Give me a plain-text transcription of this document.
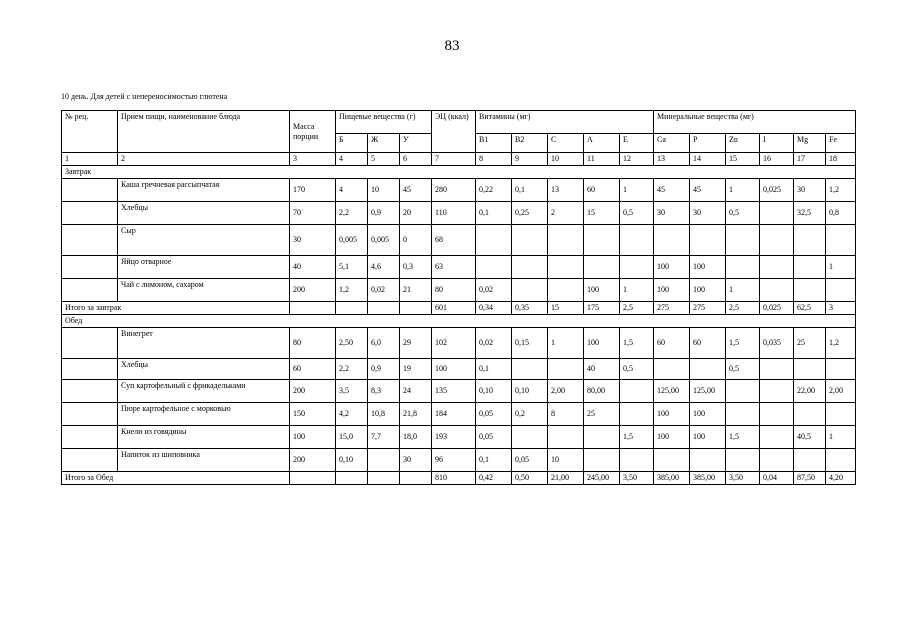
83
10 день. Для детей с непереносимостью глютена
№ рец.	Прием пищи, наименование блюда	Масса порции	Пищевые вещества (г)			ЭЦ (ккал)	Витамины (мг)					Минеральные вещества (мг)					
			Б	Ж	У		В1	В2	С	А	Е	Са	Р	Zn	I	Mg	Fe
1	2	3	4	5	6	7	8	9	10	11	12	13	14	15	16	17	18
Завтрак																	
	Каша гречневая рассыпчатая	170	4	10	45	280	0,22	0,1	13	60	1	45	45	1	0,025	30	1,2
	Хлебцы	70	2,2	0,9	20	110	0,1	0,25	2	15	0,5	30	30	0,5		32,5	0,8
	Сыр	30	0,005	0,005	0	68											
	Яйцо отварное	40	5,1	4,6	0,3	63						100	100				1
	Чай с лимоном, сахаром	200	1,2	0,02	21	80	0,02			100	1	100	100	1			
Итого за завтрак						601	0,34	0,35	15	175	2,5	275	275	2,5	0,025	62,5	3
Обед																	
	Винегрет	80	2,50	6,0	29	102	0,02	0,15	1	100	1,5	60	60	1,5	0,035	25	1,2
	Хлебцы	60	2,2	0,9	19	100	0,1			40	0,5			0,5			
	Суп картофельный с фрикадельками	200	3,5	8,3	24	135	0,10	0,10	2,00	80,00		125,00	125,00			22,00	2,00
	Пюре картофельное с морковью	150	4,2	10,8	21,8	184	0,05	0,2	8	25		100	100				
	Кнели из говядины	100	15,0	7,7	18,0	193	0,05				1,5	100	100	1,5		40,5	1
	Напиток из шиповника	200	0,10		30	96	0,1	0,05	10								
Итого за Обед						810	0,42	0,50	21,00	245,00	3,50	385,00	385,00	3,50	0,04	87,50	4,20
